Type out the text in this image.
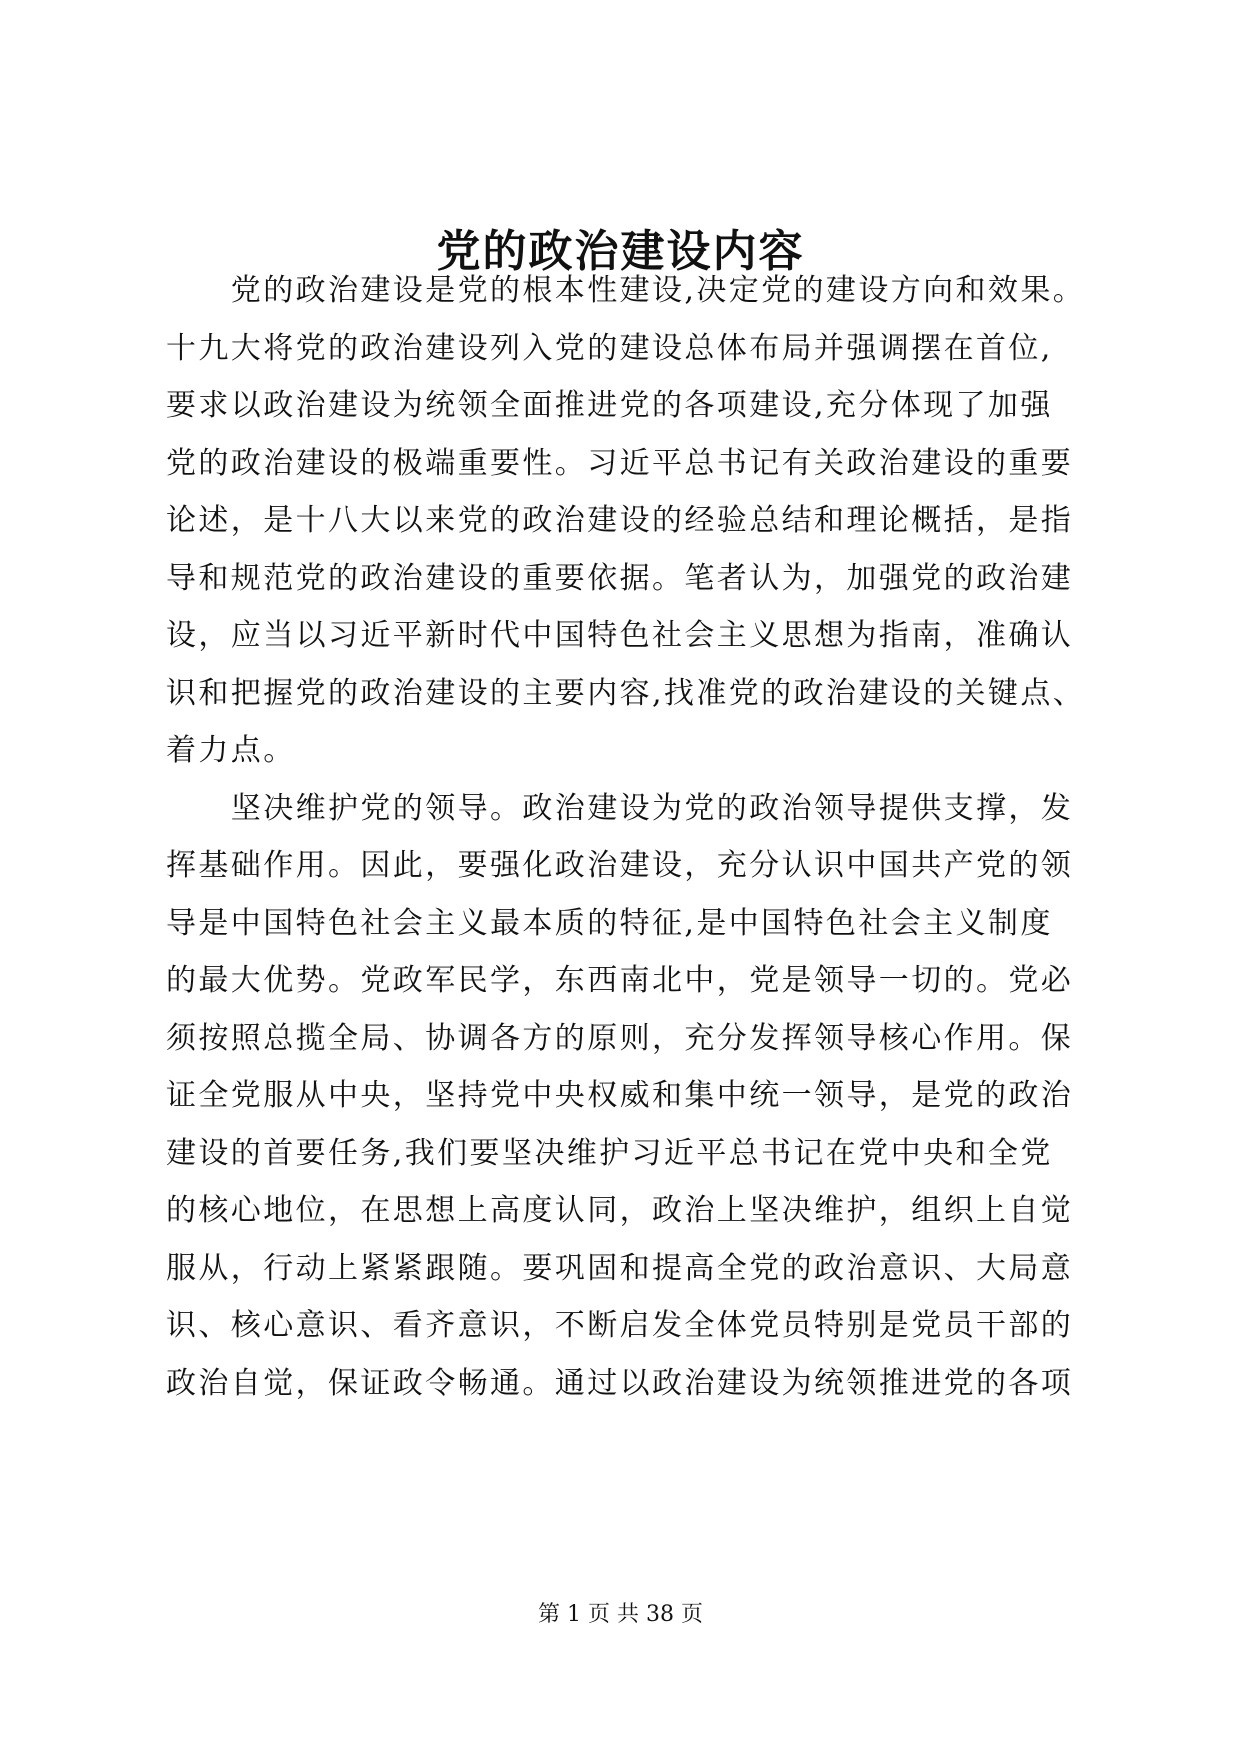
党的政治建设内容
　　党的政治建设是党的根本性建设,决定党的建设方向和效果。
十九大将党的政治建设列入党的建设总体布局并强调摆在首位,
要求以政治建设为统领全面推进党的各项建设,充分体现了加强
党的政治建设的极端重要性。习近平总书记有关政治建设的重要
论述，是十八大以来党的政治建设的经验总结和理论概括，是指
导和规范党的政治建设的重要依据。笔者认为，加强党的政治建
设，应当以习近平新时代中国特色社会主义思想为指南，准确认
识和把握党的政治建设的主要内容,找准党的政治建设的关键点、
着力点。
　　坚决维护党的领导。政治建设为党的政治领导提供支撑，发
挥基础作用。因此，要强化政治建设，充分认识中国共产党的领
导是中国特色社会主义最本质的特征,是中国特色社会主义制度
的最大优势。党政军民学，东西南北中，党是领导一切的。党必
须按照总揽全局、协调各方的原则，充分发挥领导核心作用。保
证全党服从中央，坚持党中央权威和集中统一领导，是党的政治
建设的首要任务,我们要坚决维护习近平总书记在党中央和全党
的核心地位，在思想上高度认同，政治上坚决维护，组织上自觉
服从，行动上紧紧跟随。要巩固和提高全党的政治意识、大局意
识、核心意识、看齐意识，不断启发全体党员特别是党员干部的
政治自觉，保证政令畅通。通过以政治建设为统领推进党的各项
第 1 页 共 38 页
